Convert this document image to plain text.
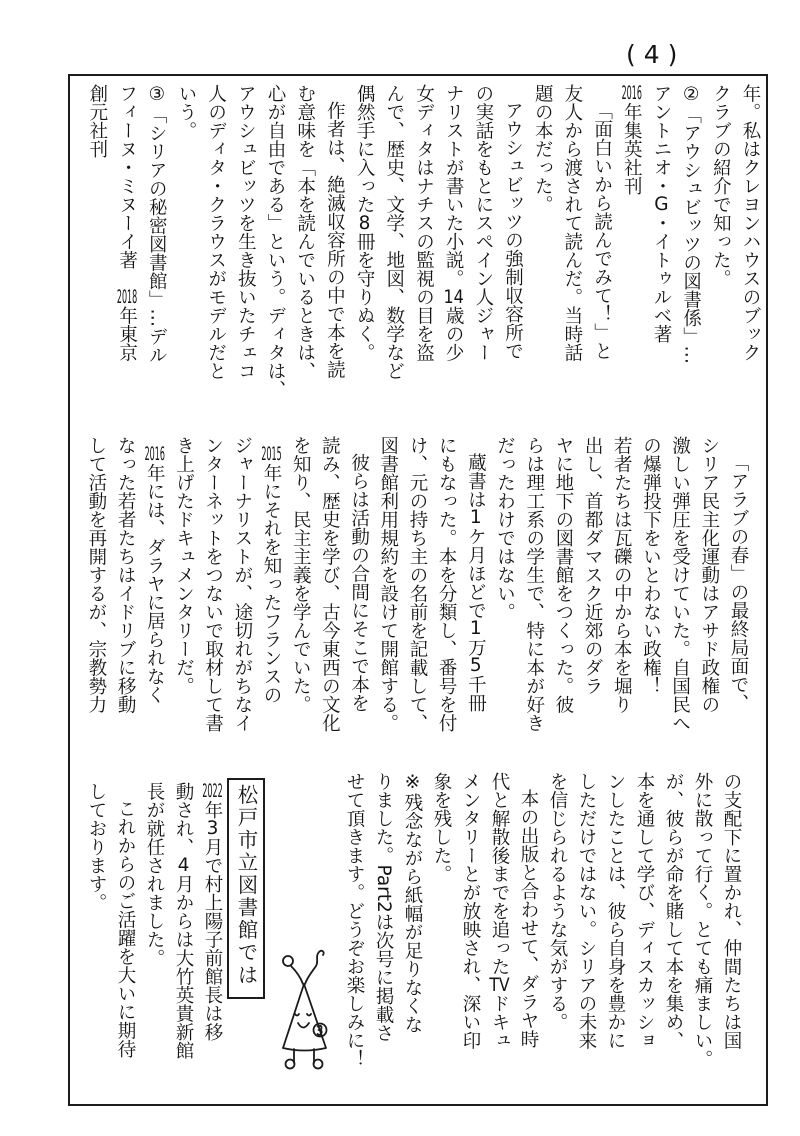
(4)
年。私はクレヨンハウスのブック
クラブの紹介で知った。
②「アウシュビッツの図書係」…
アントニオ・G・イトゥルベ著
2016年集英社刊
「面白いから読んでみて！」と
友人から渡されて読んだ。当時話
題の本だった。
アウシュビッツの強制収容所で
の実話をもとにスペイン人ジャー
ナリストが書いた小説。14歳の少
女ディタはナチスの監視の目を盗
んで、歴史、文学、地図、数学など
偶然手に入った8冊を守りぬく。
作者は、絶滅収容所の中で本を読
む意味を「本を読んでいるときは、
心が自由である」という。ディタは、
アウシュビッツを生き抜いたチェコ
人のディタ・クラウスがモデルだと
いう。
③「シリアの秘密図書館」…デル
フィーヌ・ミヌーイ著　2018年東京
創元社刊
「アラブの春」の最終局面で、
シリア民主化運動はアサド政権の
激しい弾圧を受けていた。自国民へ
の爆弾投下をいとわない政権！
若者たちは瓦礫の中から本を堀り
出し、首都ダマスク近郊のダラ
ヤに地下の図書館をつくった。彼
らは理工系の学生で、特に本が好き
だったわけではない。
蔵書は1ケ月ほどで1万5千冊
にもなった。本を分類し、番号を付
け、元の持ち主の名前を記載して、
図書館利用規約を設けて開館する。
彼らは活動の合間にそこで本を
読み、歴史を学び、古今東西の文化
を知り、民主主義を学んでいた。
2015年にそれを知ったフランスの
ジャーナリストが、途切れがちなイ
ンターネットをつないで取材して書
き上げたドキュメンタリーだ。
2016年には、ダラヤに居られなく
なった若者たちはイドリブに移動
して活動を再開するが、宗教勢力
の支配下に置かれ、仲間たちは国
外に散って行く。とても痛ましい。
が、彼らが命を賭して本を集め、
本を通して学び、ディスカッショ
ンしたことは、彼ら自身を豊かに
しただけではない。シリアの未来
を信じられるような気がする。
本の出版と合わせて、ダラヤ時
代と解散後までを追ったTVドキュ
メンタリーとが放映され、深い印
象を残した。
※残念ながら紙幅が足りなくな
りました。Part2は次号に掲載さ
せて頂きます。どうぞお楽しみに！
松戸市立図書館では
2022年3月で村上陽子前館長は移
動され、4月からは大竹英貴新館
長が就任されました。
これからのご活躍を大いに期待
しております。
